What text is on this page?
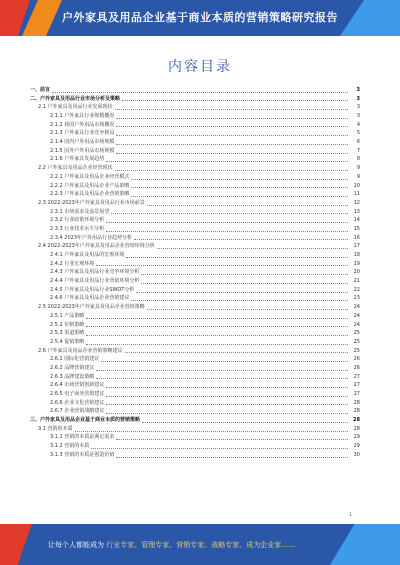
户外家具及用品企业基于商业本质的营销策略研究报告
内容目录
一、前言	3
二、户外家具及用品行业市场分析及策略	3
2.1 户外家具及用品行业发展现状	3
2.1.1 户外家具行业规模概况	3
2.1.2 我国户外用品市场概况	4
2.1.3 户外家具行业竞争格局	5
2.1.4 国内户外用品市场规模	6
2.1.5 国外户外用品市场规模	7
2.1.6 户外家具发展趋势	8
2.2 户外家具及用品企业经营现状	9
2.2.1 户外家具及用品企业经营模式	9
2.2.2 户外家具及用品企业产品策略	10
2.2.3 户外家具及用品企业营销策略	11
2.3 2022-2023年户外家具及用品行业市场前景	12
2.3.1 市场需求及前景展望	13
2.3.2 行业政策环境分析	14
2.3.3 行业技术水平分析	15
2.3.4 2023年户外用品行业趋势分析	16
2.4 2022-2023年户外家具及用品企业营销环境分析	17
2.4.1 户外家具及用品的宏观环境	18
2.4.2 行业宏观环境	19
2.4.3 户外家具及用品行业竞争环境分析	20
2.4.4 户外家具及用品行业营销环境分析	21
2.4.5 户外家具及用品行业SWOT分析	22
2.4.6 户外家具及用品企业营销建议	23
2.5 2022-2023年户外家具及用品企业营销策略	24
2.5.1 产品策略	24
2.5.2 价格策略	24
2.5.3 渠道策略	25
2.5.4 促销策略	25
2.6 户外家具及用品企业营销策略建议	25
2.6.1 国际化营销建议	26
2.6.2 品牌营销建议	26
2.6.3 品牌建设策略	27
2.6.4 市场营销创新建议	27
2.6.5 电子商务营销建议	27
2.6.6 企业文化营销建议	28
2.6.7 企业营销战略建议	28
三、户外家具及用品企业基于商业本质的营销策略	28
3.1 营销的本质	28
3.1.1 营销的本质是满足需求	29
3.1.2 营销的本质	29
3.1.3 营销的本质是创造价值	30
1
让每个人都能成为 行业专家、管理专家、营销专家、战略专家、成为企业家……
